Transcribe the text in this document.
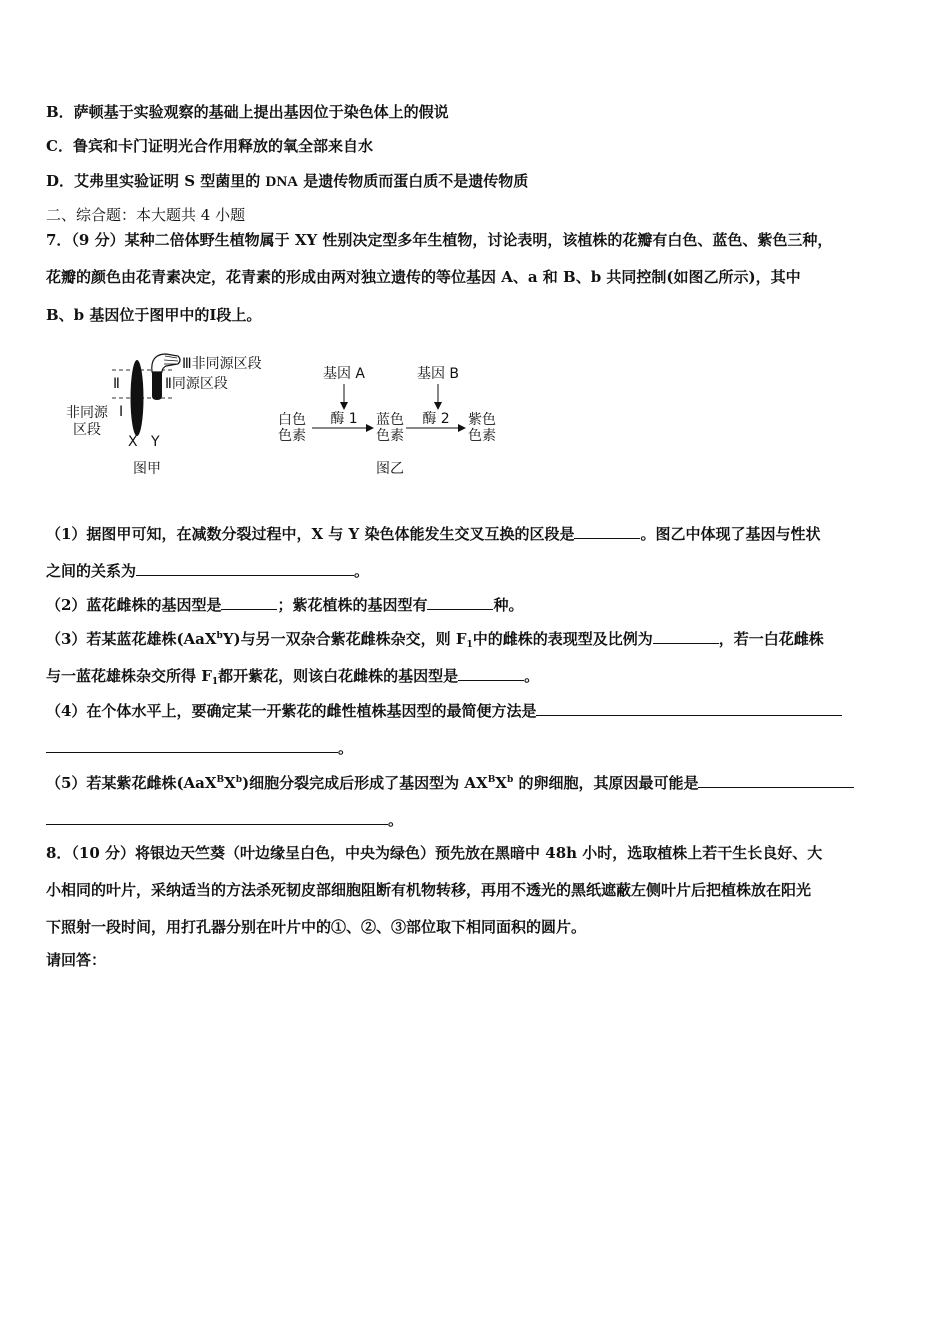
B．萨顿基于实验观察的基础上提出基因位于染色体上的假说
C．鲁宾和卡门证明光合作用释放的氧全部来自水
D．艾弗里实验证明 S 型菌里的 DNA 是遗传物质而蛋白质不是遗传物质
二、综合题：本大题共 4 小题
7．（9 分）某种二倍体野生植物属于 XY 性别决定型多年生植物，讨论表明，该植株的花瓣有白色、蓝色、紫色三种，
花瓣的颜色由花青素决定，花青素的形成由两对独立遗传的等位基因 A、a 和 B、b 共同控制(如图乙所示)，其中
B、b 基因位于图甲中的Ⅰ段上。
Ⅲ非同源区段
Ⅱ同源区段
Ⅱ
Ⅰ
非同源
区段
X Y
图甲
基因 A	基因 B
白色
色素
酶 1	蓝色
色素
酶 2	紫色
色素
图乙
（1）据图甲可知，在减数分裂过程中，X 与 Y 染色体能发生交叉互换的区段是	。图乙中体现了基因与性状
之间的关系为	。
（2）蓝花雌株的基因型是	；紫花植株的基因型有	种。
（3）若某蓝花雄株(AaX$^b$Y)与另一双杂合紫花雌株杂交，则 $F_1$中的雌株的表现型及比例为	，若一白花雌株
与一蓝花雄株杂交所得 $F_1$都开紫花，则该白花雌株的基因型是	。
（4）在个体水平上，要确定某一开紫花的雌性植株基因型的最简便方法是
。
（5）若某紫花雌株$(AaX^BX^b)$细胞分裂完成后形成了基因型为 $AX^BX^b$ 的卵细胞，其原因最可能是
。
8．（10 分）将银边天竺葵（叶边缘呈白色，中央为绿色）预先放在黑暗中 48h 小时，选取植株上若干生长良好、大
小相同的叶片，采纳适当的方法杀死韧皮部细胞阻断有机物转移，再用不透光的黑纸遮蔽左侧叶片后把植株放在阳光
下照射一段时间，用打孔器分别在叶片中的①、②、③部位取下相同面积的圆片。
请回答：
